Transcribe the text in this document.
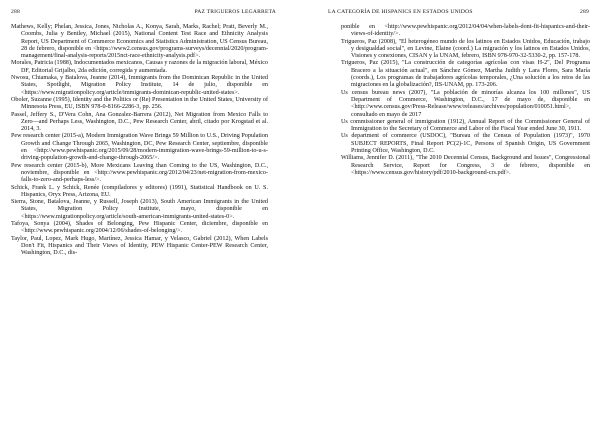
288	PAZ TRIGUEROS LEGARRETA

Mathews, Kelly; Phelan, Jessica, Jones, Nicholas A., Konya, Sarah, Marks, Rachel; Pratt, Beverly M., Coombs, Julia y Bentley, Michael (2015), National Content Test Race and Ethnicity Analysis Report, US Department of Commerce Economics and Statistics Administration, US Census Bureau, 28 de febrero, disponible en <https://www2.census.gov/programs-surveys/decennial/2020/program-management/final-analysis-reports/2015nct-race-ethnicity-analysis.pdf>.

Morales, Patricia (1988), Indocumentados mexicanos, Causas y razones de la migración laboral, México DF, Editorial Grijalbo, 2da edición, corregida y aumentada.

Nwosu, Chiamaka, y Batalova, Jeanne (2014), Immigrants from the Dominican Republic in the United States, Spotlight, Migration Policy Institute, 14 de julio, disponible en <https://www.migrationpolicy.org/article/immigrants-dominican-republic-united-states>.

Oboler, Suzanne (1995), Identity and the Politics or (Re) Presentation in the United States, University of Minnesota Press, EU, ISBN 978-0-8166-2286-3, pp. 256.

Passel, Jeffery S., D'Vera Cohn, Ana Gonzalez-Barrera (2012), Net Migration from Mexico Falls to Zero—and Perhaps Less, Washington, D.C., Pew Research Center, abril, citado por Krogstad et al. 2014, 3.

Pew research center (2015-a), Modern Immigration Wave Brings 59 Million to U.S., Driving Population Growth and Change Through 2065, Washington, DC, Pew Research Center, septiembre, disponible en <http://www.pewhispanic.org/2015/09/28/modern-immigration-wave-brings-59-million-to-u-s-driving-population-growth-and-change-through-2065/>.

Pew research center (2015-b), More Mexicans Leaving than Coming to the US, Washington, D.C., noviembre, disponible en <http://www.pewhispanic.org/2012/04/23/net-migration-from-mexico-falls-to-zero-and-perhaps-less/>.

Schick, Frank L. y Schick, Renée (compiladores y editores) (1991), Statistical Handbook on U. S. Hispanics, Oryx Press, Arizona, EU.

Sierra, Stone, Batalova, Jeanne, y Russell, Joseph (2013), South American Immigrants in the United States, Migration Policy Institute, mayo, disponible en <https://www.migrationpolicy.org/article/south-american-immigrants-united-states-0>.

Tafoya, Sonya (2004), Shades of Belonging, Pew Hispanic Center, diciembre, disponible en <http://www.pewhispanic.org/2004/12/06/shades-of-belonging/>.

Taylor, Paul, Lopez, Mark Hugo, Martínez, Jessica Hamar, y Velasco, Gabriel (2012), When Labels Don't Fit, Hispanics and Their Views of Identity, PEW Hispanic Center-PEW Research Center, Washington, D.C., dis-

LA CATEGORÍA DE HISPANICS EN ESTADOS UNIDOS	289

ponible en <http://www.pewhispanic.org/2012/04/04/when-labels-dont-fit-hispanics-and-their-views-of-identity/>.

Trigueros, Paz (2008), "El heterogéneo mundo de los latinos en Estados Unidos, Educación, trabajo y desigualdad social", en Levine, Elaine (coord.) La migración y los latinos en Estados Unidos, Visiones y conexiones, CISAN y la UNAM, febrero, ISBN 978-970-32-5330-2, pp. 157-178.

Trigueros, Paz (2015), "La construcción de categorías agrícolas con visas H-2", Del Programa Bracero a la situación actual", en Sánchez Gómez, Martha Judith y Lara Flores, Sara María (coords.), Los programas de trabajadores agrícolas temporales, ¿Una solución a los retos de las migraciones en la globalización?, IIS-UNAM, pp. 173-206.

Us census bureau news (2007), "La población de minorías alcanza los 100 millones", US Department of Commerce, Washington, D.C., 17 de mayo de, disponible en <http://www.census.gov/Press-Release/www/releases/archives/population/010051.html>, consultado en mayo de 2017

Us commissioner general of immigration (1912), Annual Report of the Commissioner General of Immigration to the Secretary of Commerce and Labor of the Fiscal Year ended June 30, 1911.

Us department of commerce (USDOC), "Bureau of the Census of Population (1973)", 1970 SUBJECT REPORTS, Final Report PC(2)-1C, Persons of Spanish Origin, US Government Printing Office, Washington, D.C.

Williams, Jennifer D. (2011), "The 2010 Decennial Census, Background and Issues", Congressional Research Service, Report for Congress, 3 de febrero, disponible en <https://www.census.gov/history/pdf/2010-background-crs.pdf>.
